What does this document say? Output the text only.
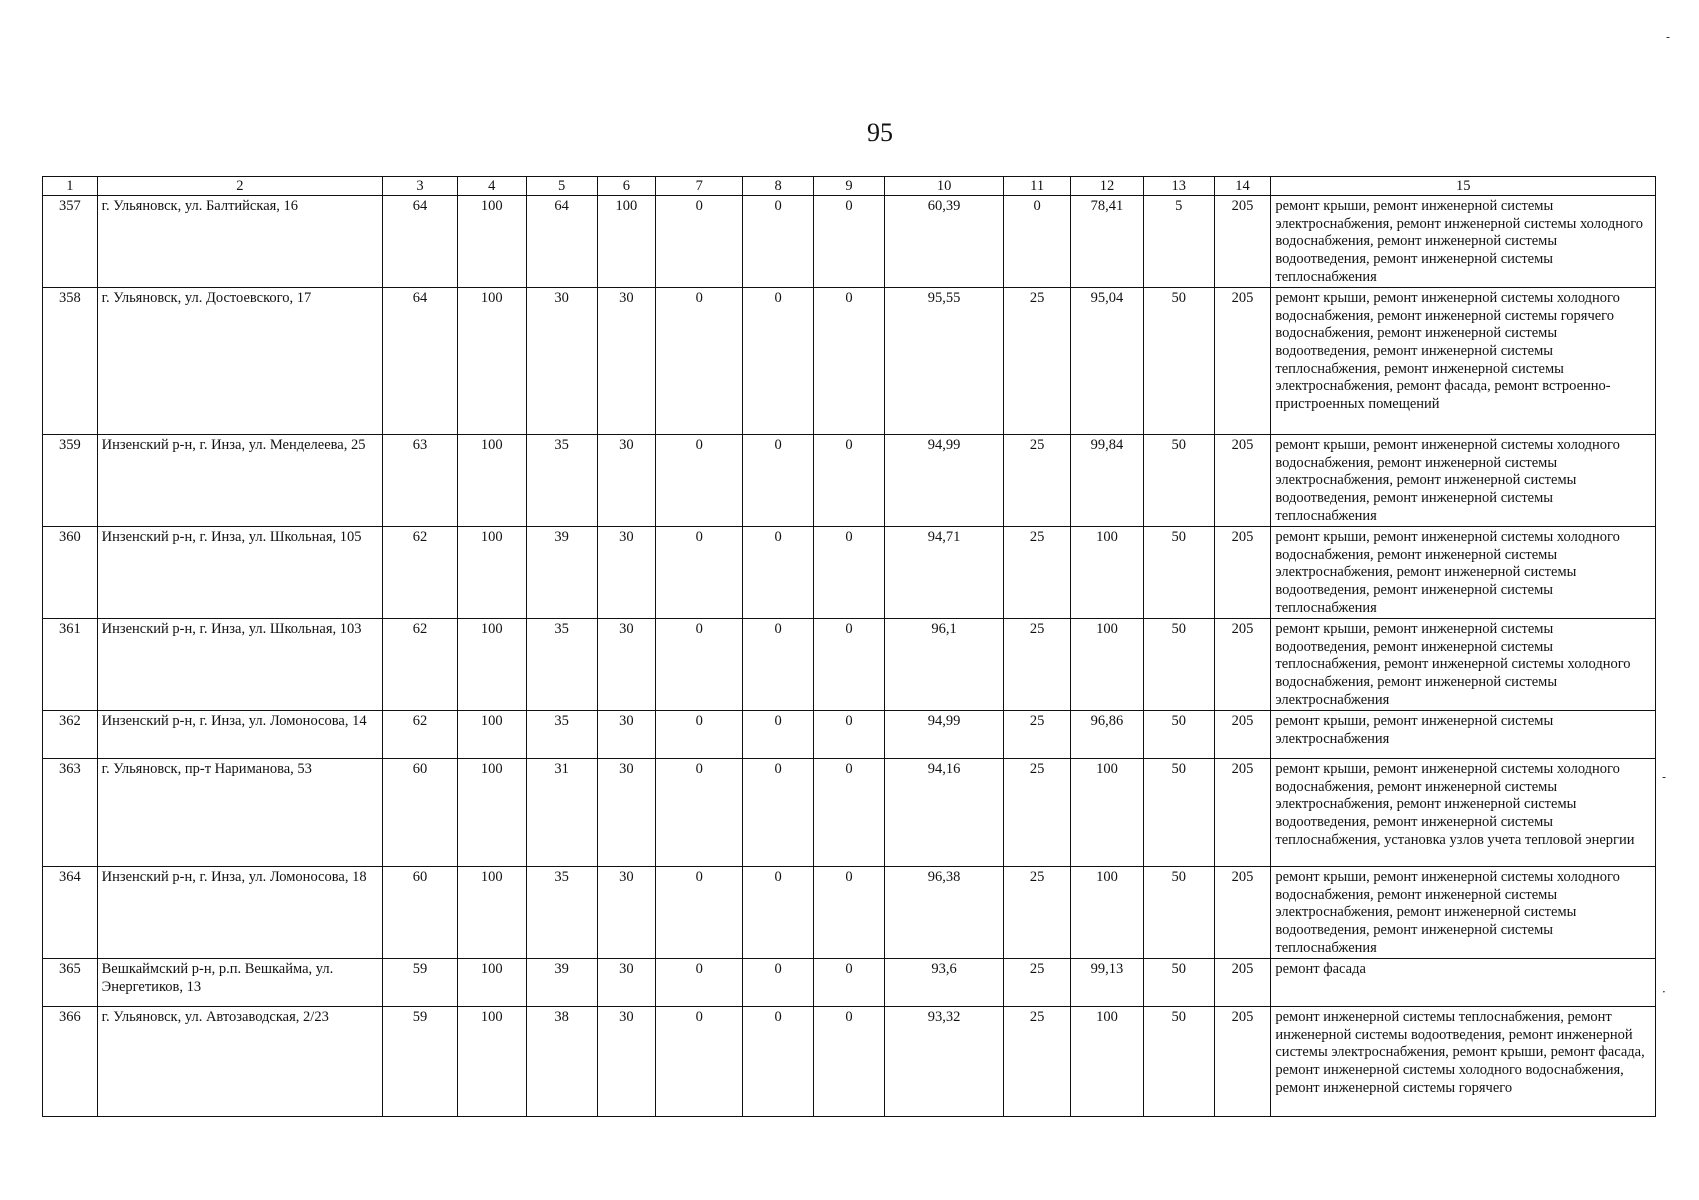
95
-
-
·
1	2	3	4	5	6	7	8	9	10	11	12	13	14	15
357	г. Ульяновск, ул. Балтийская, 16	64	100	64	100	0	0	0	60,39	0	78,41	5	205	ремонт крыши, ремонт инженерной системы электроснабжения, ремонт инженерной системы холодного водоснабжения, ремонт инженерной системы водоотведения, ремонт инженерной системы теплоснабжения
358	г. Ульяновск, ул. Достоевского, 17	64	100	30	30	0	0	0	95,55	25	95,04	50	205	ремонт крыши, ремонт инженерной системы холодного водоснабжения, ремонт инженерной системы горячего водоснабжения, ремонт инженерной системы водоотведения, ремонт инженерной системы теплоснабжения, ремонт инженерной системы электроснабжения, ремонт фасада, ремонт встроенно-пристроенных помещений
359	Инзенский р-н, г. Инза, ул. Менделеева, 25	63	100	35	30	0	0	0	94,99	25	99,84	50	205	ремонт крыши, ремонт инженерной системы холодного водоснабжения, ремонт инженерной системы электроснабжения, ремонт инженерной системы водоотведения, ремонт инженерной системы теплоснабжения
360	Инзенский р-н, г. Инза, ул. Школьная, 105	62	100	39	30	0	0	0	94,71	25	100	50	205	ремонт крыши, ремонт инженерной системы холодного водоснабжения, ремонт инженерной системы электроснабжения, ремонт инженерной системы водоотведения, ремонт инженерной системы теплоснабжения
361	Инзенский р-н, г. Инза, ул. Школьная, 103	62	100	35	30	0	0	0	96,1	25	100	50	205	ремонт крыши, ремонт инженерной системы водоотведения, ремонт инженерной системы теплоснабжения, ремонт инженерной системы холодного водоснабжения, ремонт инженерной системы электроснабжения
362	Инзенский р-н, г. Инза, ул. Ломоносова, 14	62	100	35	30	0	0	0	94,99	25	96,86	50	205	ремонт крыши, ремонт инженерной системы электроснабжения
363	г. Ульяновск, пр-т Нариманова, 53	60	100	31	30	0	0	0	94,16	25	100	50	205	ремонт крыши, ремонт инженерной системы холодного водоснабжения, ремонт инженерной системы электроснабжения, ремонт инженерной системы водоотведения, ремонт инженерной системы теплоснабжения, установка узлов учета тепловой энергии
364	Инзенский р-н, г. Инза, ул. Ломоносова, 18	60	100	35	30	0	0	0	96,38	25	100	50	205	ремонт крыши, ремонт инженерной системы холодного водоснабжения, ремонт инженерной системы электроснабжения, ремонт инженерной системы водоотведения, ремонт инженерной системы теплоснабжения
365	Вешкаймский р-н, р.п. Вешкайма, ул. Энергетиков, 13	59	100	39	30	0	0	0	93,6	25	99,13	50	205	ремонт фасада
366	г. Ульяновск, ул. Автозаводская, 2/23	59	100	38	30	0	0	0	93,32	25	100	50	205	ремонт инженерной системы теплоснабжения, ремонт инженерной системы водоотведения, ремонт инженерной системы электроснабжения, ремонт крыши, ремонт фасада, ремонт инженерной системы холодного водоснабжения, ремонт инженерной системы горячего
